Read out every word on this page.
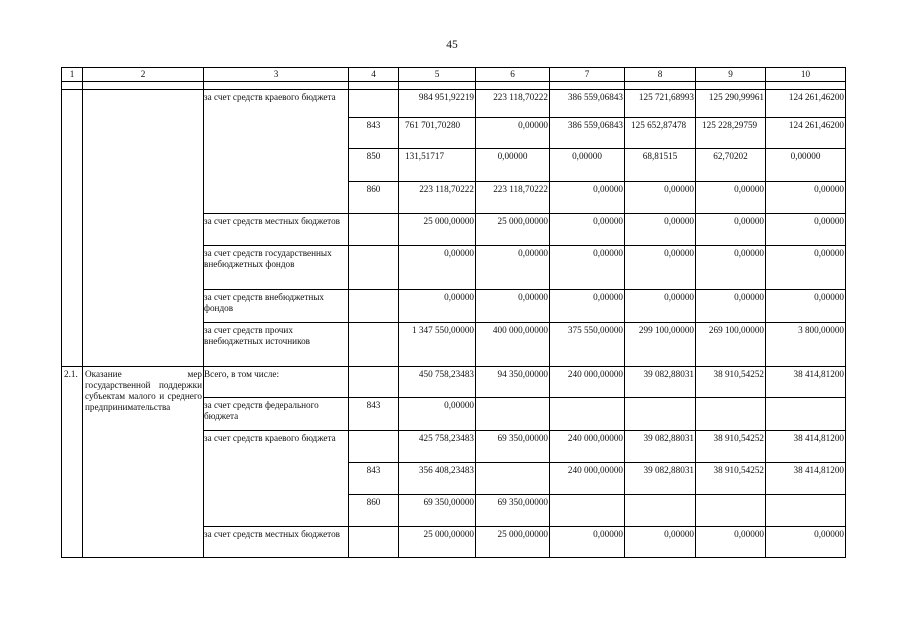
45
1	2	3	4	5	6	7	8	9	10

		за счет средств краевого бюджета		984 951,92219	223 118,70222	386 559,06843	125 721,68993	125 290,99961	124 261,46200
			843	761 701,70280	0,00000	386 559,06843	125 652,87478	125 228,29759	124 261,46200
			850	131,51717	0,00000	0,00000	68,81515	62,70202	0,00000
			860	223 118,70222	223 118,70222	0,00000	0,00000	0,00000	0,00000
		за счет средств местных бюджетов		25 000,00000	25 000,00000	0,00000	0,00000	0,00000	0,00000
		за счет средств государственных внебюджетных фондов		0,00000	0,00000	0,00000	0,00000	0,00000	0,00000
		за счет средств внебюджетных фондов		0,00000	0,00000	0,00000	0,00000	0,00000	0,00000
		за счет средств прочих внебюджетных источников		1 347 550,00000	400 000,00000	375 550,00000	299 100,00000	269 100,00000	3 800,00000
2.1.	Оказание мер государственной поддержки субъектам малого и среднего предпринимательства	Всего, в том числе:		450 758,23483	94 350,00000	240 000,00000	39 082,88031	38 910,54252	38 414,81200
		за счет средств федерального бюджета	843	0,00000					
		за счет средств краевого бюджета		425 758,23483	69 350,00000	240 000,00000	39 082,88031	38 910,54252	38 414,81200
			843	356 408,23483		240 000,00000	39 082,88031	38 910,54252	38 414,81200
			860	69 350,00000	69 350,00000				
		за счет средств местных бюджетов		25 000,00000	25 000,00000	0,00000	0,00000	0,00000	0,00000
